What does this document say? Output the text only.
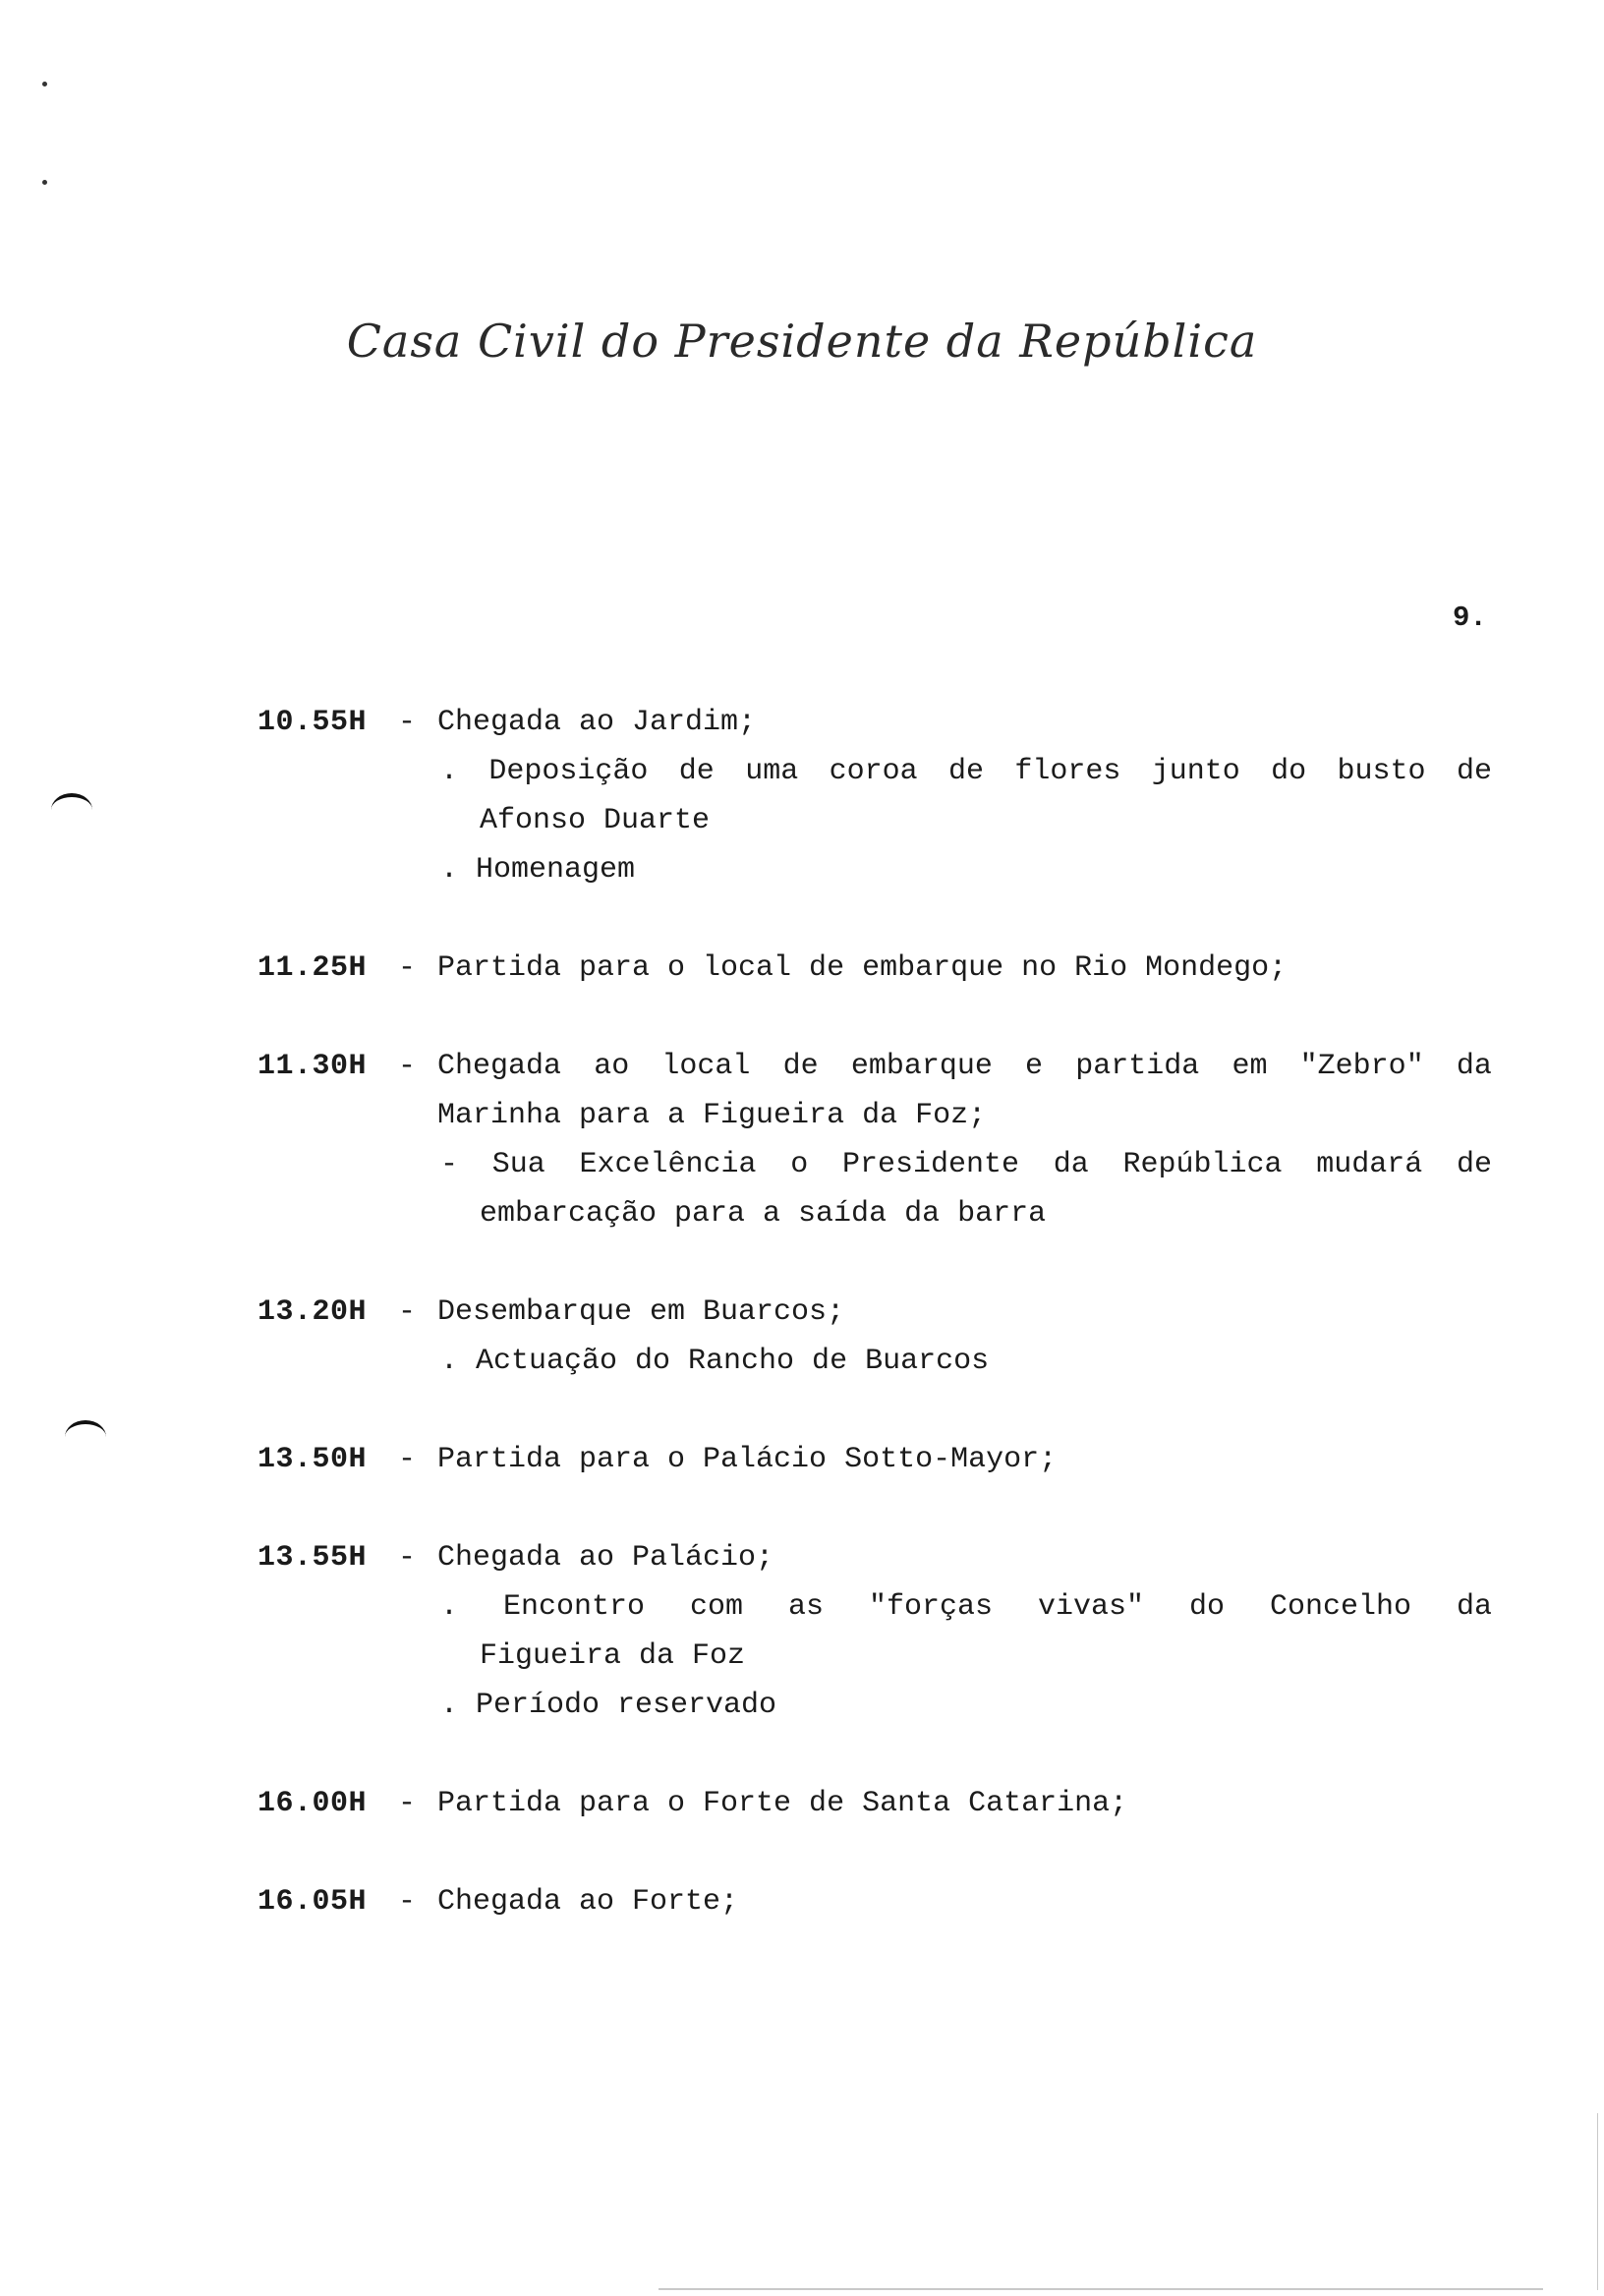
Casa Civil do Presidente da República
9.
10.55H - Chegada ao Jardim;
. Deposição de uma coroa de flores junto do busto de
Afonso Duarte
. Homenagem
11.25H - Partida para o local de embarque no Rio Mondego;
11.30H - Chegada ao local de embarque e partida em "Zebro" da
Marinha para a Figueira da Foz;
- Sua Excelência o Presidente da República mudará de
embarcação para a saída da barra
13.20H - Desembarque em Buarcos;
. Actuação do Rancho de Buarcos
13.50H - Partida para o Palácio Sotto-Mayor;
13.55H - Chegada ao Palácio;
. Encontro com as "forças vivas" do Concelho da
Figueira da Foz
. Período reservado
16.00H - Partida para o Forte de Santa Catarina;
16.05H - Chegada ao Forte;
